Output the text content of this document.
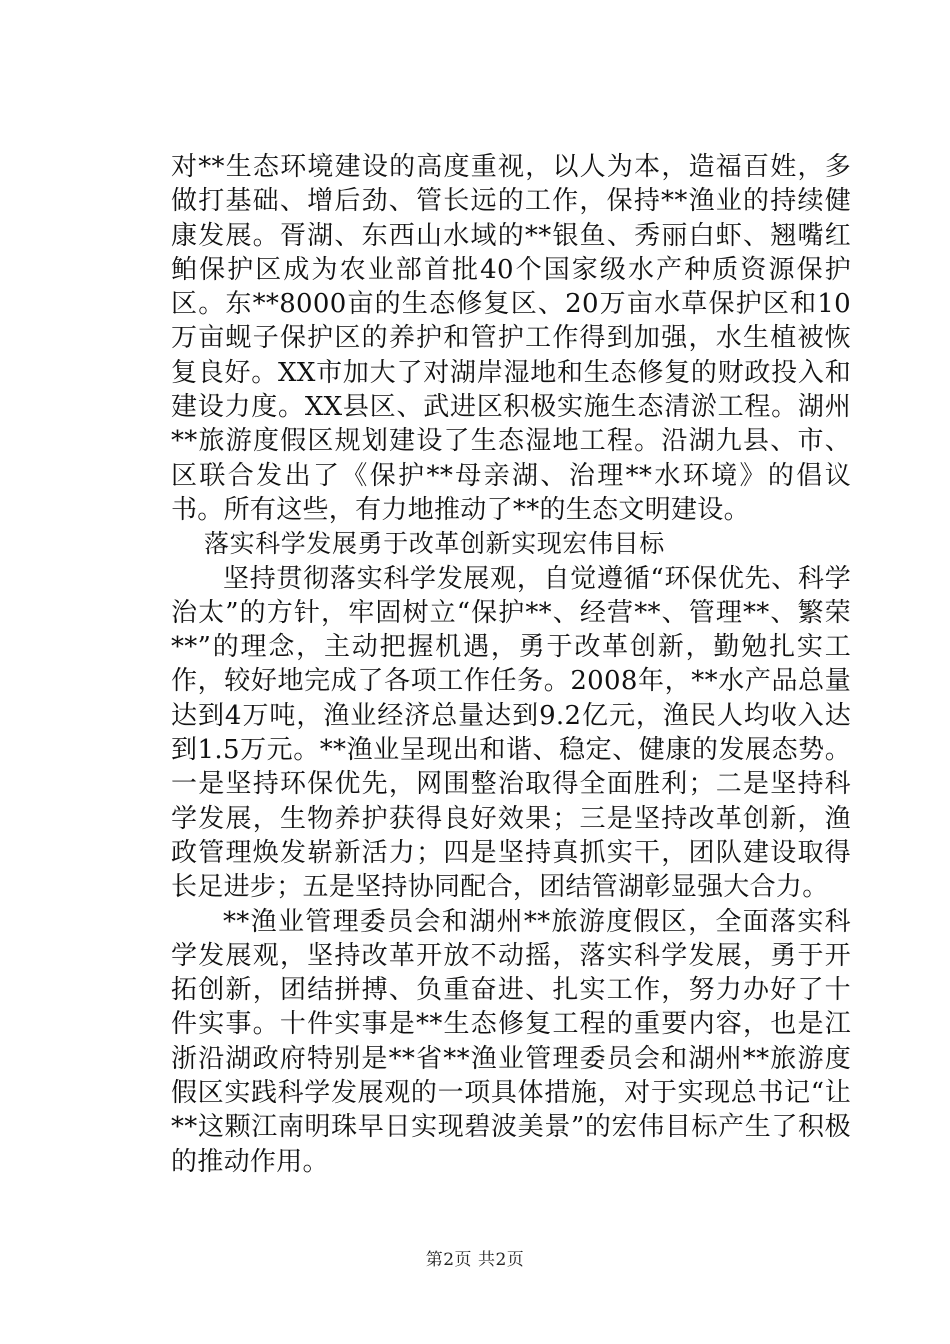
对**生态环境建设的高度重视，以人为本，造福百姓，多做打基础、增后劲、管长远的工作，保持**渔业的持续健康发展。胥湖、东西山水域的**银鱼、秀丽白虾、翘嘴红鲌保护区成为农业部首批40个国家级水产种质资源保护区。东**8000亩的生态修复区、20万亩水草保护区和10万亩蚬子保护区的养护和管护工作得到加强，水生植被恢复良好。XX市加大了对湖岸湿地和生态修复的财政投入和建设力度。XX县区、武进区积极实施生态清淤工程。湖州**旅游度假区规划建设了生态湿地工程。沿湖九县、市、区联合发出了《保护**母亲湖、治理**水环境》的倡议书。所有这些，有力地推动了**的生态文明建设。

落实科学发展勇于改革创新实现宏伟目标

坚持贯彻落实科学发展观，自觉遵循“环保优先、科学治太”的方针，牢固树立“保护**、经营**、管理**、繁荣**”的理念，主动把握机遇，勇于改革创新，勤勉扎实工作，较好地完成了各项工作任务。2008年，**水产品总量达到4万吨，渔业经济总量达到9.2亿元，渔民人均收入达到1.5万元。**渔业呈现出和谐、稳定、健康的发展态势。一是坚持环保优先，网围整治取得全面胜利；二是坚持科学发展，生物养护获得良好效果；三是坚持改革创新，渔政管理焕发崭新活力；四是坚持真抓实干，团队建设取得长足进步；五是坚持协同配合，团结管湖彰显强大合力。

**渔业管理委员会和湖州**旅游度假区，全面落实科学发展观，坚持改革开放不动摇，落实科学发展，勇于开拓创新，团结拼搏、负重奋进、扎实工作，努力办好了十件实事。十件实事是**生态修复工程的重要内容，也是江浙沿湖政府特别是**省**渔业管理委员会和湖州**旅游度假区实践科学发展观的一项具体措施，对于实现总书记“让**这颗江南明珠早日实现碧波美景”的宏伟目标产生了积极的推动作用。

第2页 共2页
